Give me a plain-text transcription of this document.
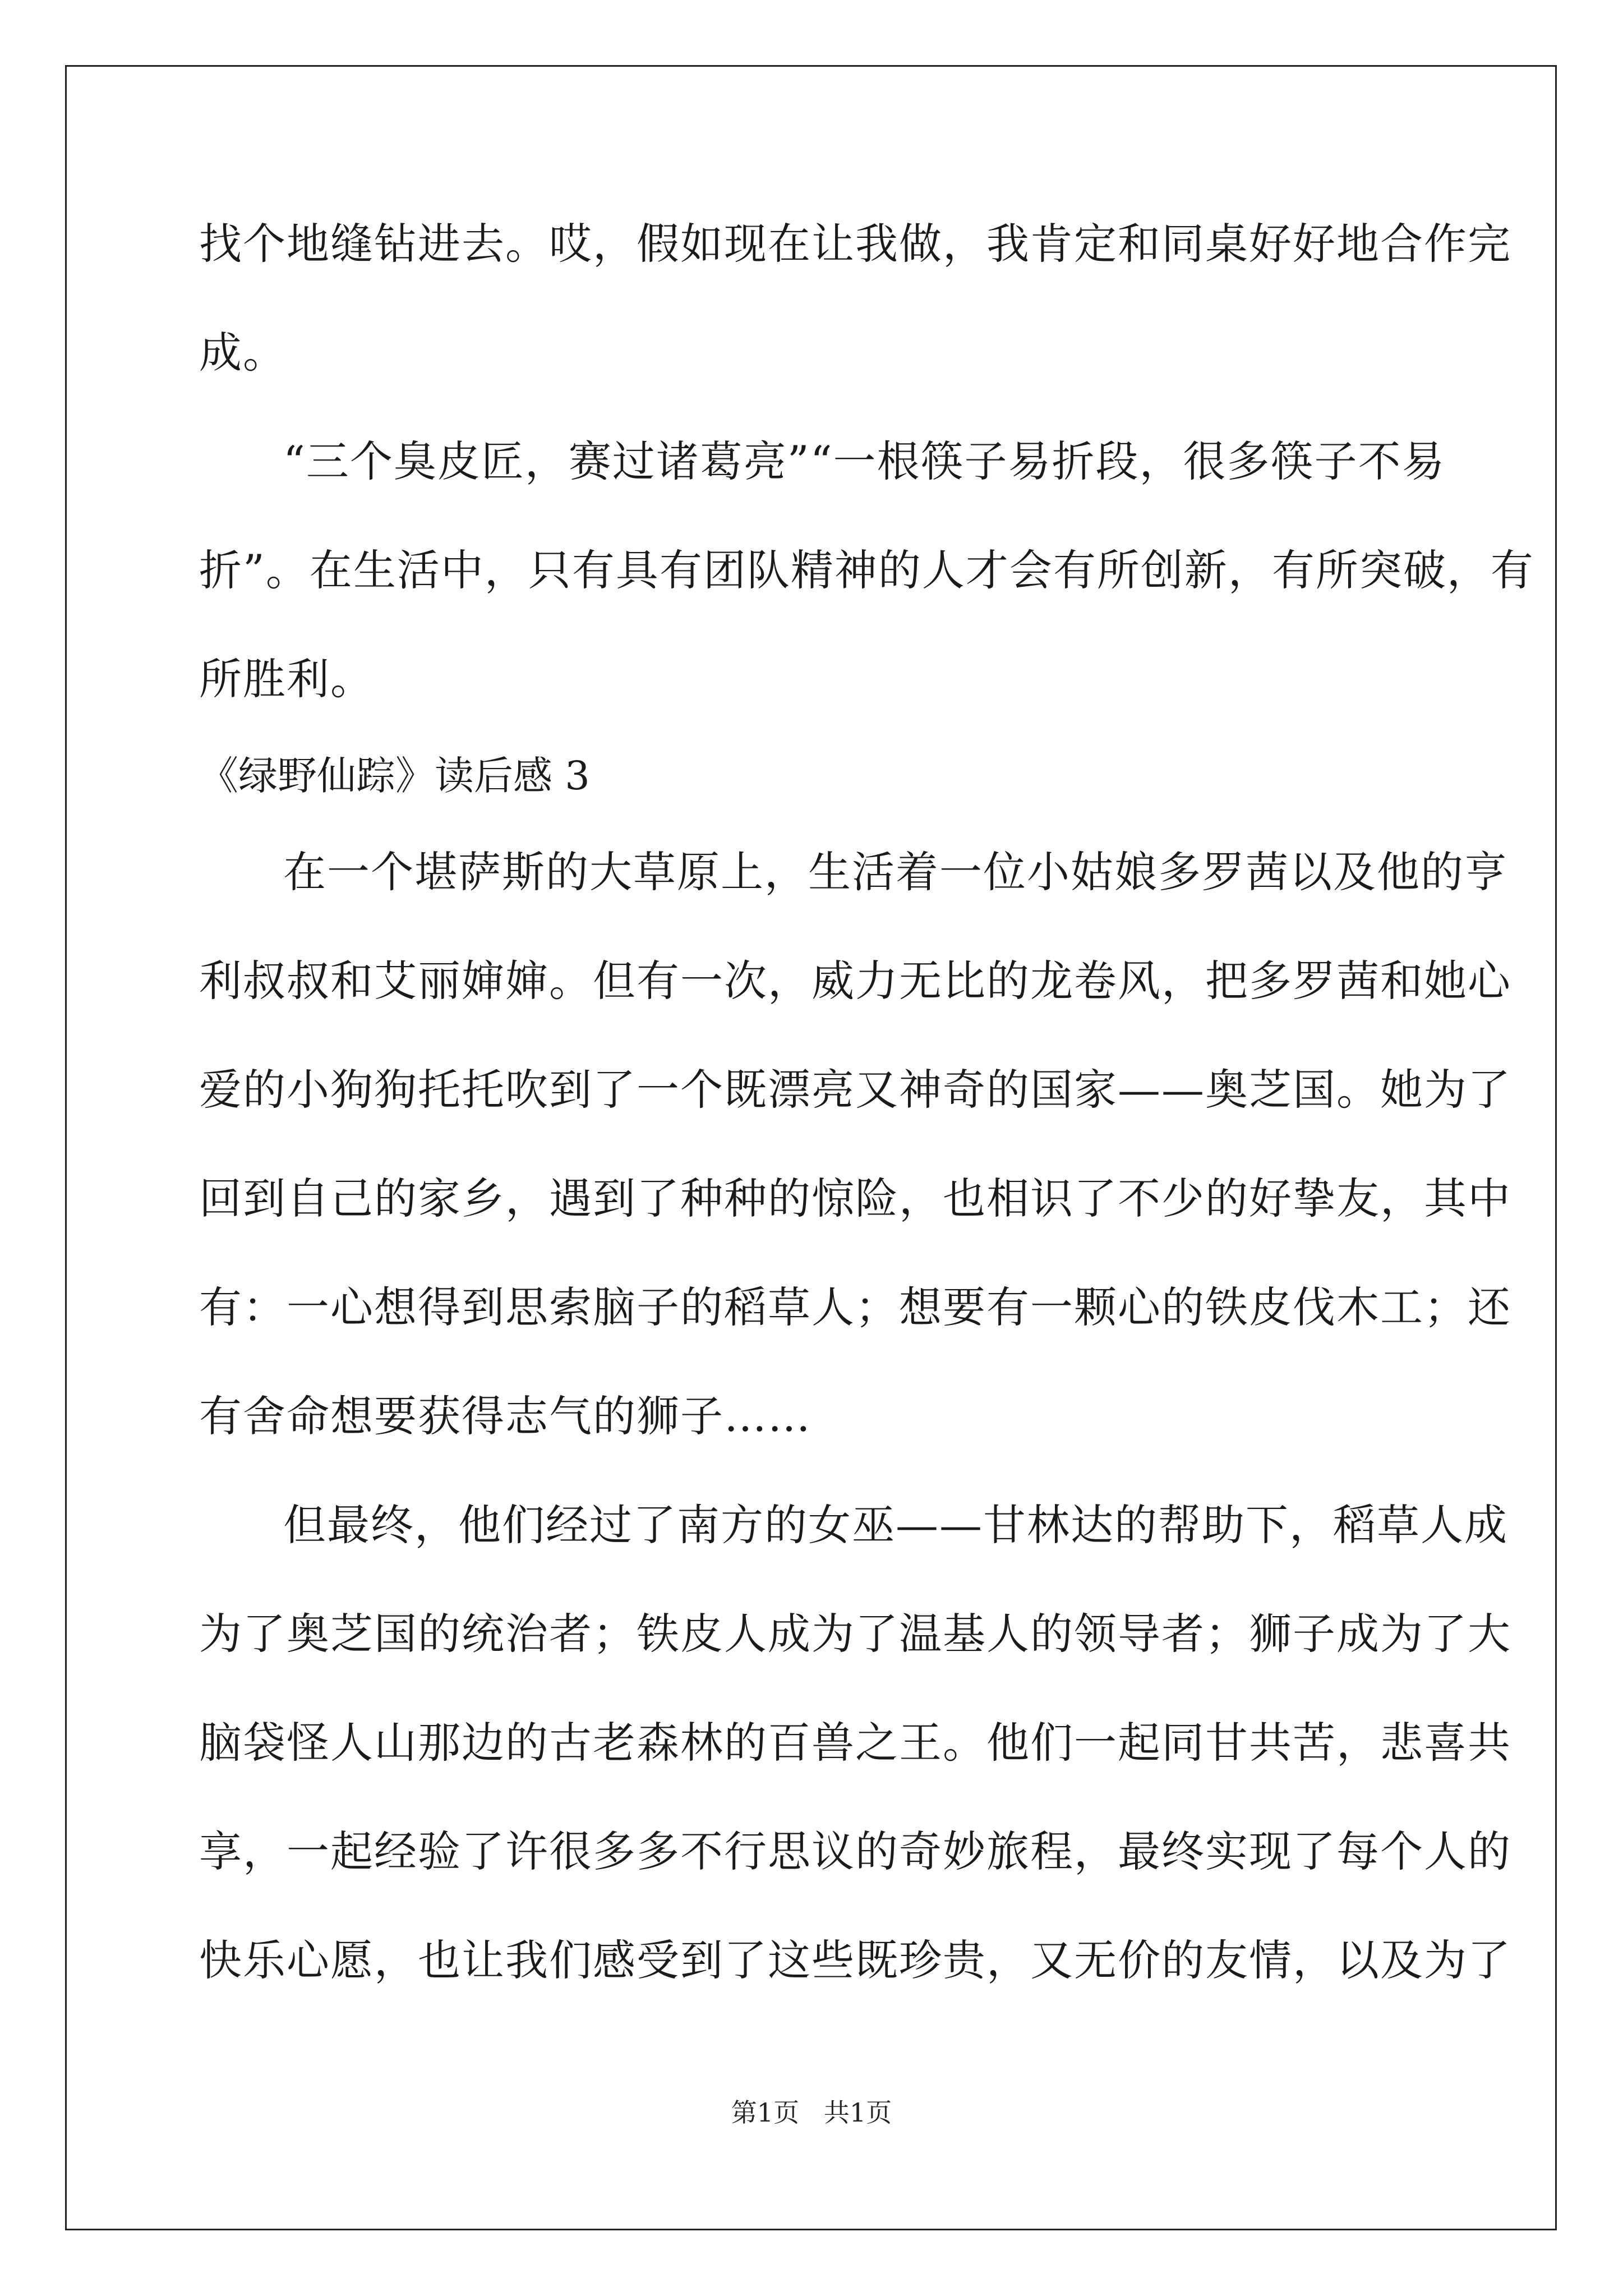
找个地缝钻进去。哎，假如现在让我做，我肯定和同桌好好地合作完

成。

“三个臭皮匠，赛过诸葛亮”“一根筷子易折段，很多筷子不易

折”。在生活中，只有具有团队精神的人才会有所创新，有所突破，有

所胜利。

《绿野仙踪》读后感 3

在一个堪萨斯的大草原上，生活着一位小姑娘多罗茜以及他的亨

利叔叔和艾丽婶婶。但有一次，威力无比的龙卷风，把多罗茜和她心

爱的小狗狗托托吹到了一个既漂亮又神奇的国家——奥芝国。她为了

回到自己的家乡，遇到了种种的惊险，也相识了不少的好挚友，其中

有：一心想得到思索脑子的稻草人；想要有一颗心的铁皮伐木工；还

有舍命想要获得志气的狮子……

但最终，他们经过了南方的女巫——甘林达的帮助下，稻草人成

为了奥芝国的统治者；铁皮人成为了温基人的领导者；狮子成为了大

脑袋怪人山那边的古老森林的百兽之王。他们一起同甘共苦，悲喜共

享，一起经验了许很多多不行思议的奇妙旅程，最终实现了每个人的

快乐心愿，也让我们感受到了这些既珍贵，又无价的友情，以及为了

第1页   共1页
